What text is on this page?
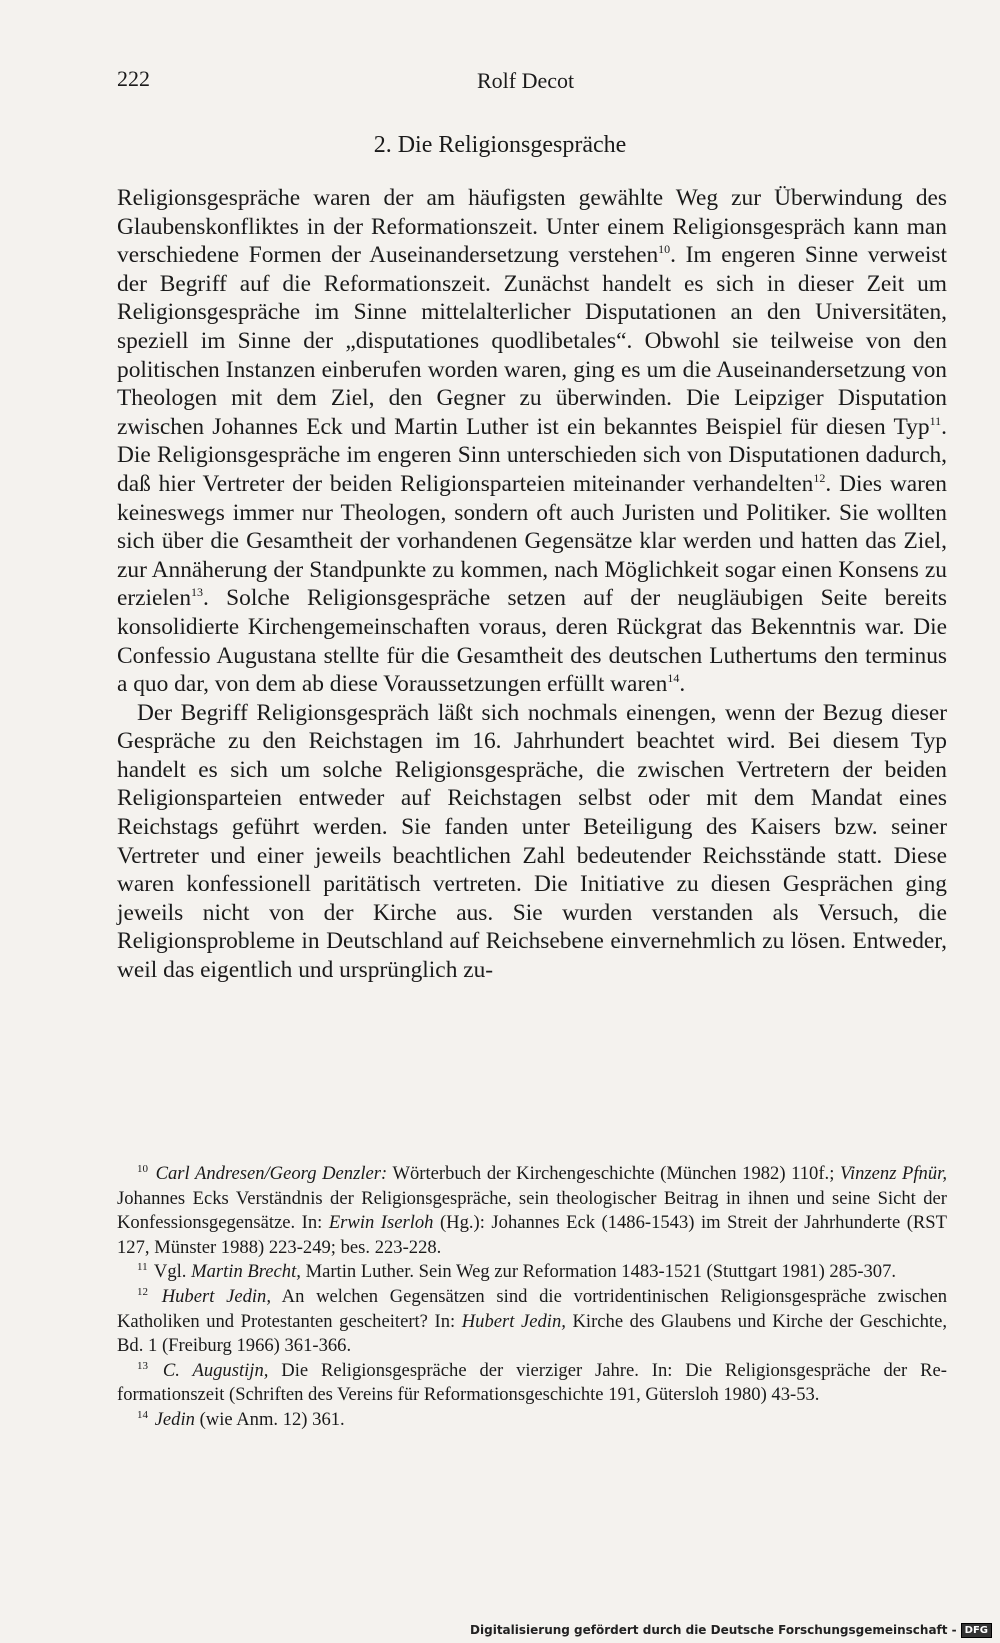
222	Rolf Decot
2. Die Religionsgespräche

Religionsgespräche waren der am häufigsten gewählte Weg zur Überwindung des Glaubenskonfliktes in der Reformationszeit. Unter einem Religionsgespräch kann man verschiedene Formen der Auseinandersetzung verstehen$^{10}$. Im engeren Sinne verweist der Begriff auf die Reformationszeit. Zunächst handelt es sich in dieser Zeit um Religionsgespräche im Sinne mittelalterlicher Disputationen an den Universitäten, speziell im Sinne der „disputationes quodlibetales“. Obwohl sie teilweise von den politischen Instanzen einberufen worden waren, ging es um die Auseinandersetzung von Theologen mit dem Ziel, den Gegner zu überwinden. Die Leipziger Disputation zwischen Johannes Eck und Martin Luther ist ein bekanntes Beispiel für diesen Typ$^{11}$. Die Religionsgespräche im engeren Sinn unterschieden sich von Disputationen dadurch, daß hier Vertreter der beiden Religionsparteien miteinander verhandelten$^{12}$. Dies waren keineswegs immer nur Theologen, sondern oft auch Juristen und Politiker. Sie wollten sich über die Gesamtheit der vorhandenen Gegensätze klar werden und hatten das Ziel, zur Annäherung der Standpunkte zu kommen, nach Möglichkeit sogar einen Konsens zu erzielen$^{13}$. Solche Religionsgespräche setzen auf der neugläubigen Seite bereits konsolidierte Kirchengemeinschaften voraus, deren Rückgrat das Bekenntnis war. Die Confessio Augustana stellte für die Gesamtheit des deutschen Luthertums den terminus a quo dar, von dem ab diese Voraussetzungen erfüllt waren$^{14}$.

Der Begriff Religionsgespräch läßt sich nochmals einengen, wenn der Bezug dieser Gespräche zu den Reichstagen im 16. Jahrhundert beachtet wird. Bei diesem Typ handelt es sich um solche Religionsgespräche, die zwischen Vertretern der beiden Religionsparteien entweder auf Reichstagen selbst oder mit dem Mandat eines Reichstags geführt werden. Sie fanden unter Beteiligung des Kaisers bzw. seiner Vertreter und einer jeweils beachtlichen Zahl bedeutender Reichsstände statt. Diese waren konfessionell paritätisch vertreten. Die Initiative zu diesen Gesprächen ging jeweils nicht von der Kirche aus. Sie wurden verstanden als Versuch, die Religionsprobleme in Deutschland auf Reichsebene einvernehmlich zu lösen. Entweder, weil das eigentlich und ursprünglich zu-

$^{10}$ Carl Andresen/Georg Denzler: Wörterbuch der Kirchengeschichte (München 1982) 110f.; Vinzenz Pfnür, Johannes Ecks Verständnis der Religionsgespräche, sein theologischer Beitrag in ihnen und seine Sicht der Konfessionsgegensätze. In: Erwin Iserloh (Hg.): Johannes Eck (1486-1543) im Streit der Jahrhunderte (RST 127, Münster 1988) 223-249; bes. 223-228.

$^{11}$ Vgl. Martin Brecht, Martin Luther. Sein Weg zur Reformation 1483-1521 (Stuttgart 1981) 285-307.

$^{12}$ Hubert Jedin, An welchen Gegensätzen sind die vortridentinischen Religionsgespräche zwischen Katholiken und Protestanten gescheitert? In: Hubert Jedin, Kirche des Glaubens und Kirche der Geschichte, Bd. 1 (Freiburg 1966) 361-366.

$^{13}$ C. Augustijn, Die Religionsgespräche der vierziger Jahre. In: Die Religionsgespräche der Reformationszeit (Schriften des Vereins für Reformationsgeschichte 191, Gütersloh 1980) 43-53.

$^{14}$ Jedin (wie Anm. 12) 361.

Digitalisierung gefördert durch die Deutsche Forschungsgemeinschaft - DFG
